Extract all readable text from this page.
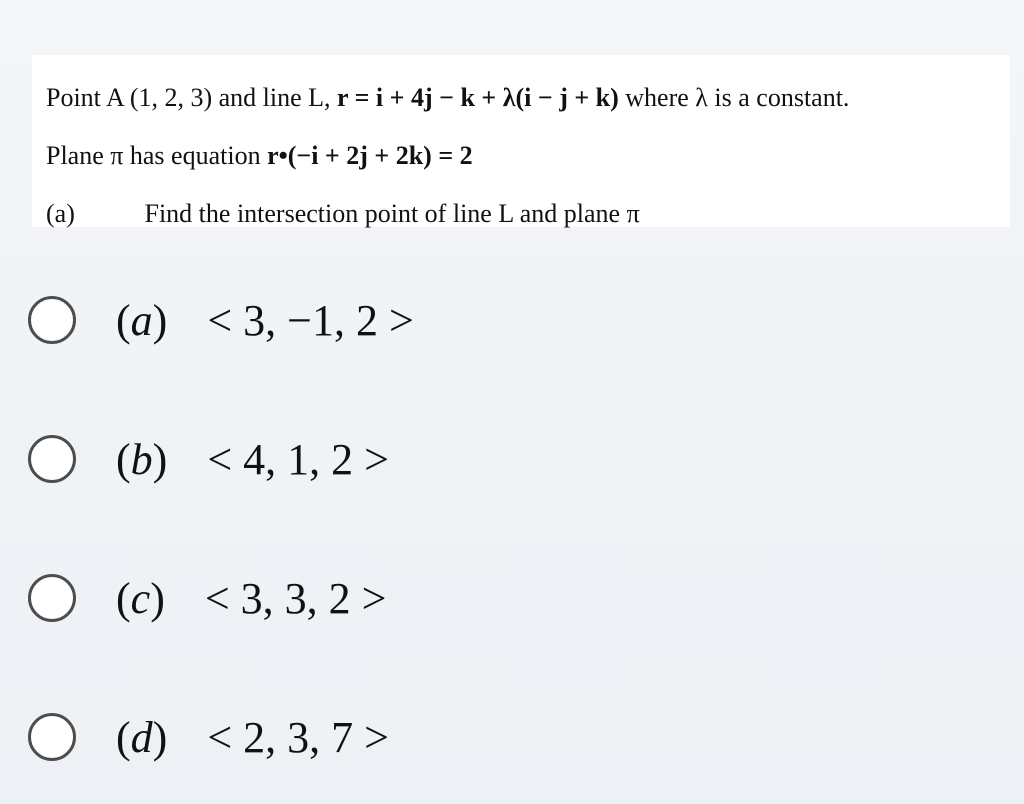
Point A (1, 2, 3) and line L, r = i + 4j − k + λ(i − j + k) where λ is a constant.
Plane π has equation r•(−i + 2j + 2k) = 2
(a)	Find the intersection point of line L and plane π
(a) < 3, −1, 2 >
(b) < 4, 1, 2 >
(c) < 3, 3, 2 >
(d) < 2, 3, 7 >
